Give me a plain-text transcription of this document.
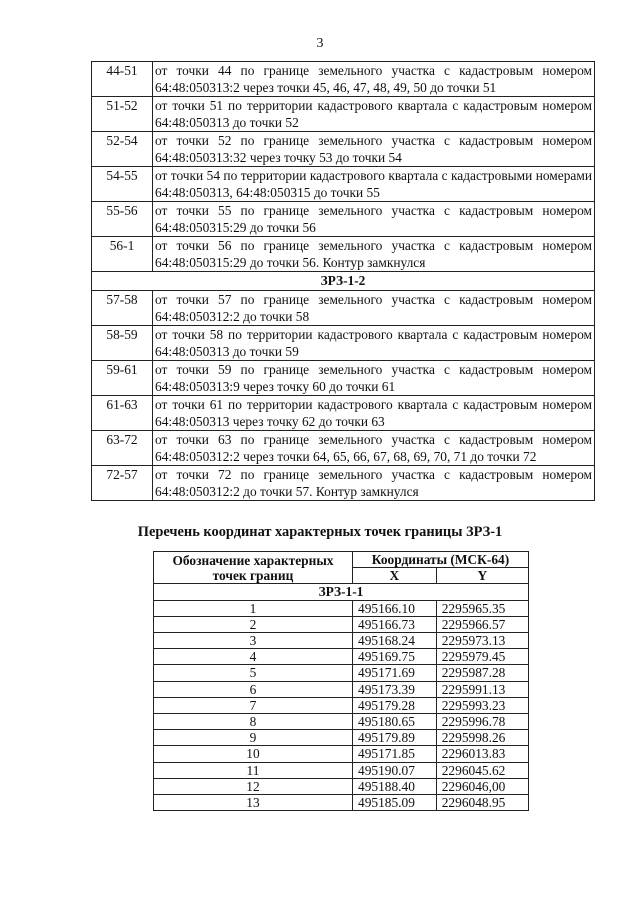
3
44-51	от точки 44 по границе земельного участка с кадастровым номером 64:48:050313:2 через точки 45, 46, 47, 48, 49, 50 до точки 51
51-52	от точки 51 по территории кадастрового квартала с кадастровым номером 64:48:050313 до точки 52
52-54	от точки 52 по границе земельного участка с кадастровым номером 64:48:050313:32 через точку 53 до точки 54
54-55	от точки 54 по территории кадастрового квартала с кадастровыми номерами 64:48:050313, 64:48:050315 до точки 55
55-56	от точки 55 по границе земельного участка с кадастровым номером 64:48:050315:29 до точки 56
56-1	от точки 56 по границе земельного участка с кадастровым номером 64:48:050315:29 до точки 56. Контур замкнулся
ЗРЗ-1-2	
57-58	от точки 57 по границе земельного участка с кадастровым номером 64:48:050312:2 до точки 58
58-59	от точки 58 по территории кадастрового квартала с кадастровым номером 64:48:050313 до точки 59
59-61	от точки 59 по границе земельного участка с кадастровым номером 64:48:050313:9 через точку 60 до точки 61
61-63	от точки 61 по территории кадастрового квартала с кадастровым номером 64:48:050313 через точку 62 до точки 63
63-72	от точки 63 по границе земельного участка с кадастровым номером 64:48:050312:2 через точки 64, 65, 66, 67, 68, 69, 70, 71 до точки 72
72-57	от точки 72 по границе земельного участка с кадастровым номером 64:48:050312:2 до точки 57. Контур замкнулся
Перечень координат характерных точек границы ЗРЗ-1
Обозначение характерных точек границ	Координаты (МСК-64)	
	X	Y
ЗРЗ-1-1		
1	495166.10	2295965.35
2	495166.73	2295966.57
3	495168.24	2295973.13
4	495169.75	2295979.45
5	495171.69	2295987.28
6	495173.39	2295991.13
7	495179.28	2295993.23
8	495180.65	2295996.78
9	495179.89	2295998.26
10	495171.85	2296013.83
11	495190.07	2296045.62
12	495188.40	2296046,00
13	495185.09	2296048.95
